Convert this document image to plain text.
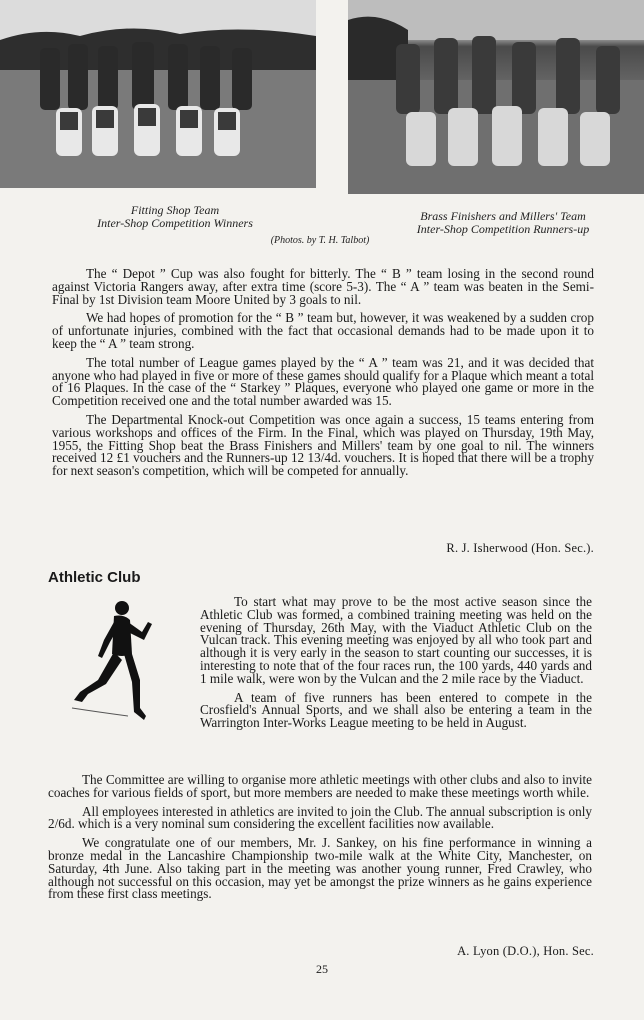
Fitting Shop Team
Inter-Shop Competition Winners	Brass Finishers and Millers' Team
Inter-Shop Competition Runners-up
(Photos. by T. H. Talbot)

The “ Depot ” Cup was also fought for bitterly. The “ B ” team losing in the second round against Victoria Rangers away, after extra time (score 5-3). The “ A ” team was beaten in the Semi-Final by 1st Division team Moore United by 3 goals to nil.

We had hopes of promotion for the “ B ” team but, however, it was weakened by a sudden crop of unfortunate injuries, combined with the fact that occasional demands had to be made upon it to keep the “ A ” team strong.

The total number of League games played by the “ A ” team was 21, and it was decided that anyone who had played in five or more of these games should qualify for a Plaque which meant a total of 16 Plaques. In the case of the “ Starkey ” Plaques, everyone who played one game or more in the Competition received one and the total number awarded was 15.

The Departmental Knock-out Competition was once again a success, 15 teams entering from various workshops and offices of the Firm. In the Final, which was played on Thursday, 19th May, 1955, the Fitting Shop beat the Brass Finishers and Millers' team by one goal to nil. The winners received 12 £1 vouchers and the Runners-up 12 13/4d. vouchers. It is hoped that there will be a trophy for next season's competition, which will be competed for annually.

R. J. Isherwood (Hon. Sec.).
Athletic Club

To start what may prove to be the most active season since the Athletic Club was formed, a combined training meeting was held on the evening of Thursday, 26th May, with the Viaduct Athletic Club on the Vulcan track. This evening meeting was enjoyed by all who took part and although it is very early in the season to start counting our successes, it is interesting to note that of the four races run, the 100 yards, 440 yards and 1 mile walk, were won by the Vulcan and the 2 mile race by the Viaduct.

A team of five runners has been entered to compete in the Crosfield's Annual Sports, and we shall also be entering a team in the Warrington Inter-Works League meeting to be held in August.

The Committee are willing to organise more athletic meetings with other clubs and also to invite coaches for various fields of sport, but more members are needed to make these meetings worth while.

All employees interested in athletics are invited to join the Club. The annual subscription is only 2/6d. which is a very nominal sum considering the excellent facilities now available.

We congratulate one of our members, Mr. J. Sankey, on his fine performance in winning a bronze medal in the Lancashire Championship two-mile walk at the White City, Manchester, on Saturday, 4th June. Also taking part in the meeting was another young runner, Fred Crawley, who although not successful on this occasion, may yet be amongst the prize winners as he gains experience from these first class meetings.

A. Lyon (D.O.), Hon. Sec.
25
